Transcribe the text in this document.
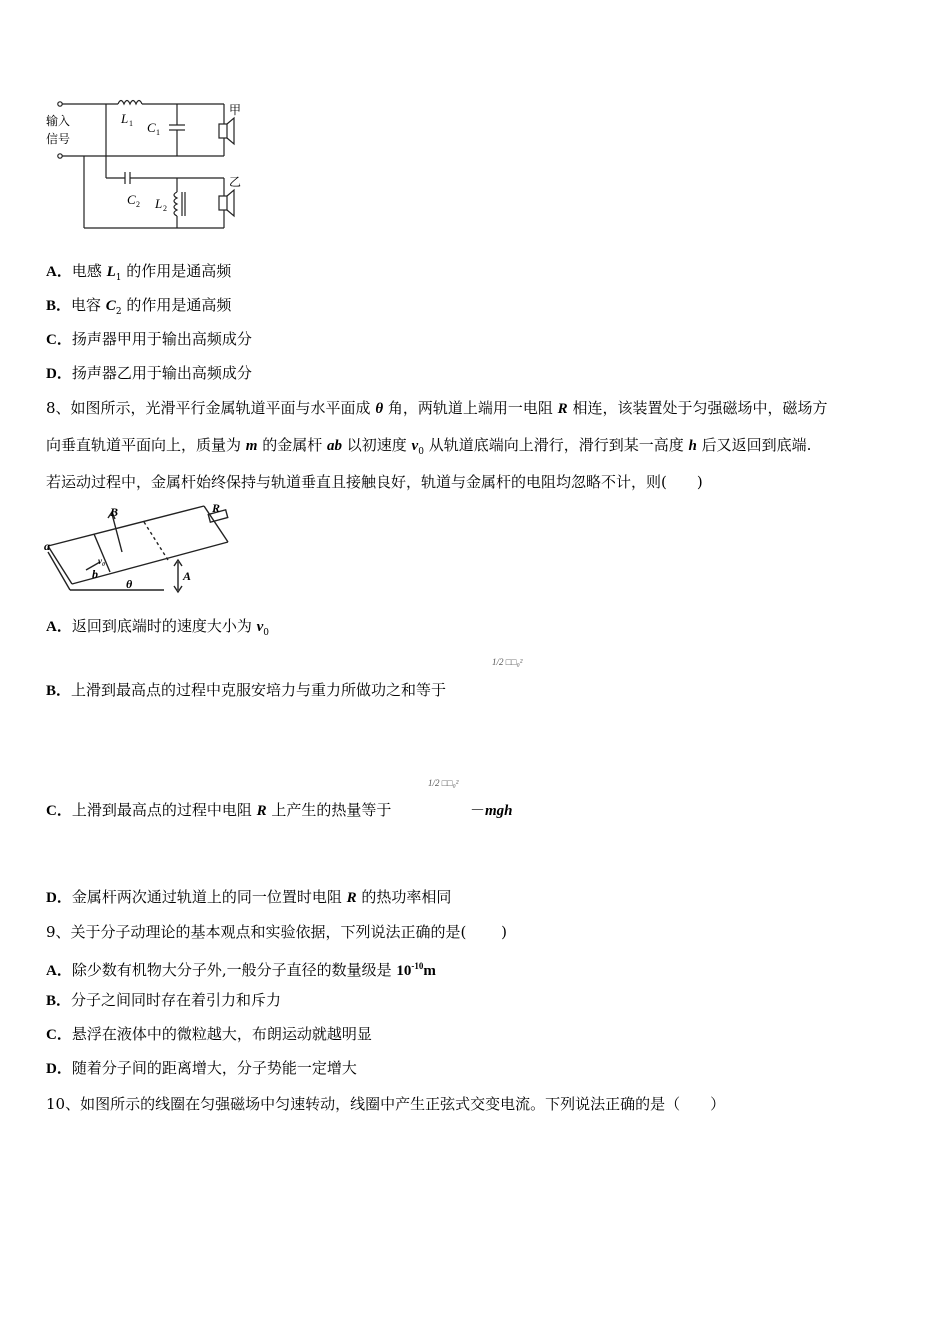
输入
信号
L 1 C 1
C 2 L 2
甲
乙
A．电感 $L_1$ 的作用是通高频
B．电容 $C_2$ 的作用是通高频
C．扬声器甲用于输出高频成分
D．扬声器乙用于输出高频成分
8、如图所示，光滑平行金属轨道平面与水平面成 θ 角，两轨道上端用一电阻 R 相连，该装置处于匀强磁场中，磁场方
向垂直轨道平面向上，质量为 m 的金属杆 ab 以初速度 $v_0$ 从轨道底端向上滑行，滑行到某一高度 h 后又返回到底端.
若运动过程中，金属杆始终保持与轨道垂直且接触良好，轨道与金属杆的电阻均忽略不计，则(　　)
B	R
a
b
v₀
θ
A
A．返回到底端时的速度大小为 $v_0$
B．上滑到最高点的过程中克服安培力与重力所做功之和等于
1/2 □□₀²
C．上滑到最高点的过程中电阻 R 上产生的热量等于
1/2 □□₀²
－mgh
D．金属杆两次通过轨道上的同一位置时电阻 R 的热功率相同
9、关于分子动理论的基本观点和实验依据，下列说法正确的是(　　 )
A．除少数有机物大分子外,一般分子直径的数量级是 $10^{-10}m$
B．分子之间同时存在着引力和斥力
C．悬浮在液体中的微粒越大，布朗运动就越明显
D．随着分子间的距离增大，分子势能一定增大
10、如图所示的线圈在匀强磁场中匀速转动，线圈中产生正弦式交变电流。下列说法正确的是（　　）
